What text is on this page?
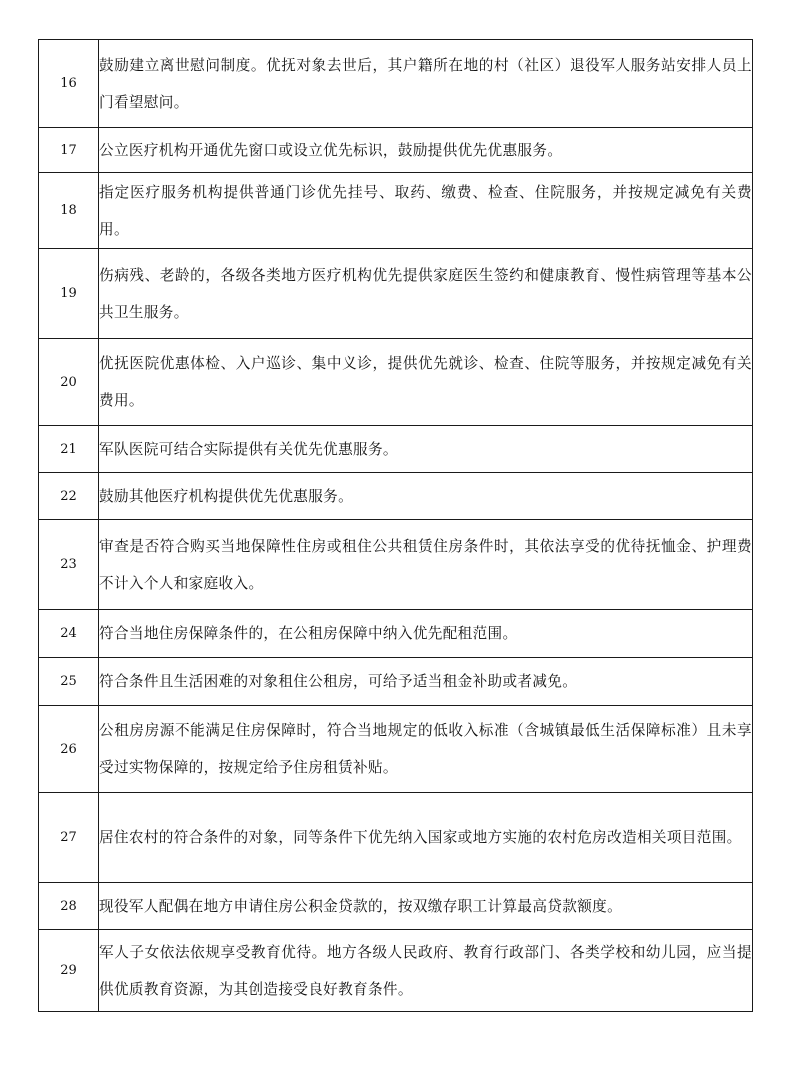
16	鼓励建立离世慰问制度。优抚对象去世后，其户籍所在地的村（社区）退役军人服务站安排人员上门看望慰问。
17	公立医疗机构开通优先窗口或设立优先标识，鼓励提供优先优惠服务。
18	指定医疗服务机构提供普通门诊优先挂号、取药、缴费、检查、住院服务，并按规定减免有关费用。
19	伤病残、老龄的，各级各类地方医疗机构优先提供家庭医生签约和健康教育、慢性病管理等基本公共卫生服务。
20	优抚医院优惠体检、入户巡诊、集中义诊，提供优先就诊、检查、住院等服务，并按规定减免有关费用。
21	军队医院可结合实际提供有关优先优惠服务。
22	鼓励其他医疗机构提供优先优惠服务。
23	审查是否符合购买当地保障性住房或租住公共租赁住房条件时，其依法享受的优待抚恤金、护理费不计入个人和家庭收入。
24	符合当地住房保障条件的，在公租房保障中纳入优先配租范围。
25	符合条件且生活困难的对象租住公租房，可给予适当租金补助或者减免。
26	公租房房源不能满足住房保障时，符合当地规定的低收入标准（含城镇最低生活保障标准）且未享受过实物保障的，按规定给予住房租赁补贴。
27	居住农村的符合条件的对象，同等条件下优先纳入国家或地方实施的农村危房改造相关项目范围。
28	现役军人配偶在地方申请住房公积金贷款的，按双缴存职工计算最高贷款额度。
29	军人子女依法依规享受教育优待。地方各级人民政府、教育行政部门、各类学校和幼儿园，应当提供优质教育资源，为其创造接受良好教育条件。
